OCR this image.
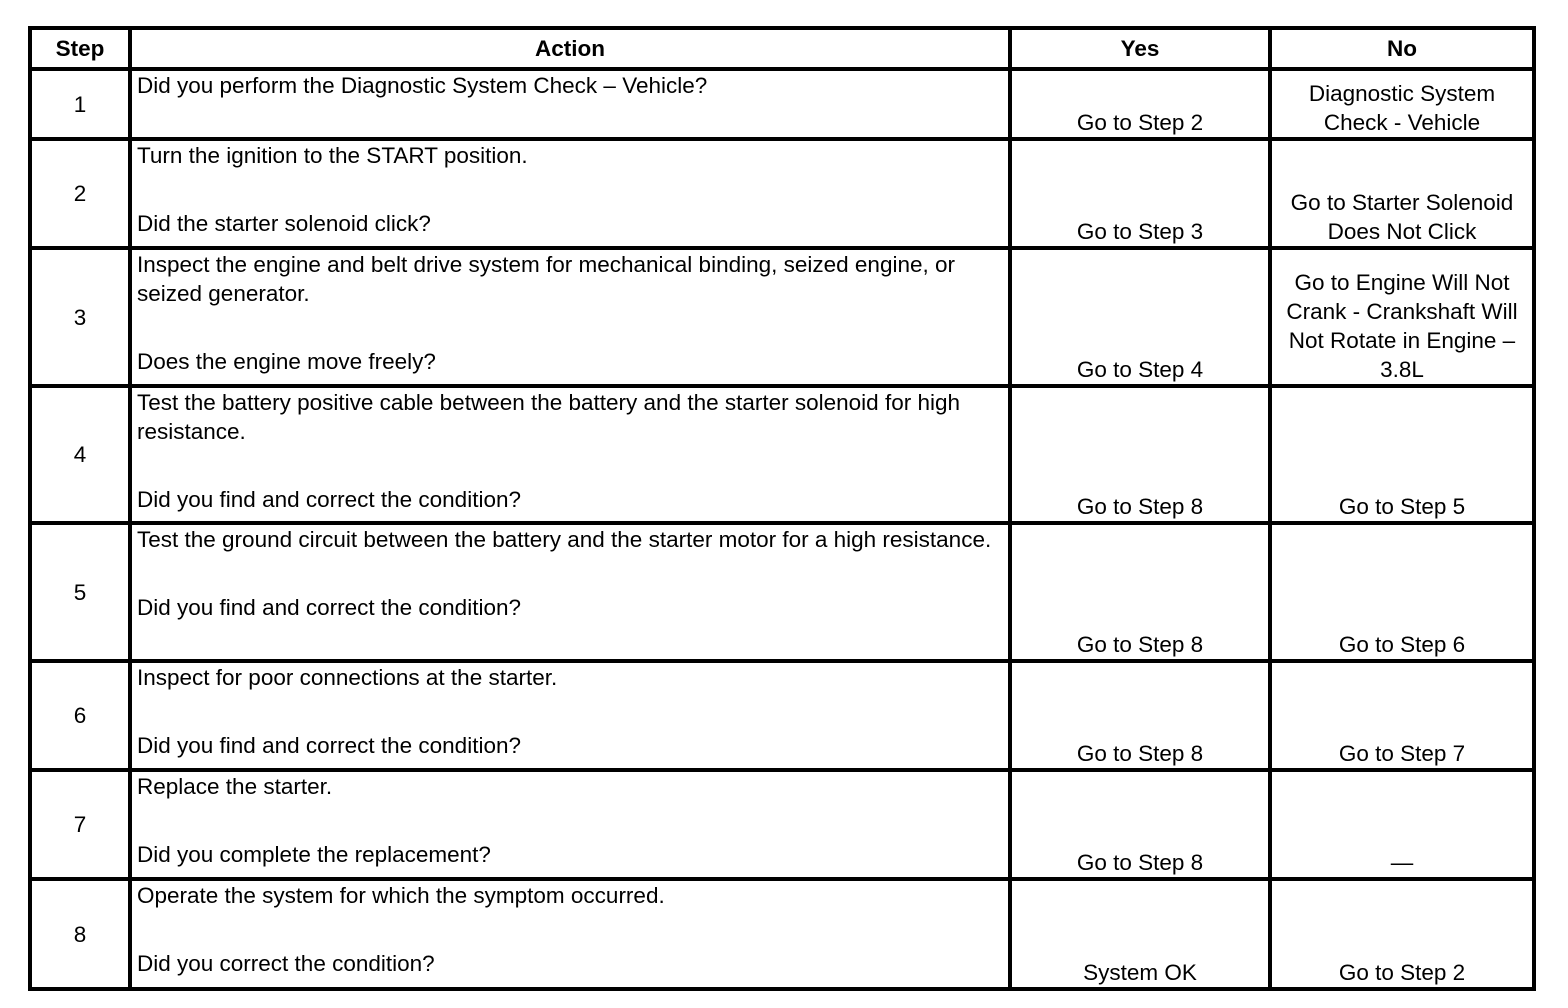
Step	Action	Yes	No
1	Did you perform the Diagnostic System Check – Vehicle?	Go to Step 2	Diagnostic System Check - Vehicle
2	Turn the ignition to the START position.

Did the starter solenoid click?	Go to Step 3	Go to Starter Solenoid Does Not Click
3	Inspect the engine and belt drive system for mechanical binding, seized engine, or seized generator.

Does the engine move freely?	Go to Step 4	Go to Engine Will Not Crank - Crankshaft Will Not Rotate in Engine – 3.8L
4	Test the battery positive cable between the battery and the starter solenoid for high resistance.

Did you find and correct the condition?	Go to Step 8	Go to Step 5
5	Test the ground circuit between the battery and the starter motor for a high resistance.

Did you find and correct the condition?	Go to Step 8	Go to Step 6
6	Inspect for poor connections at the starter.

Did you find and correct the condition?	Go to Step 8	Go to Step 7
7	Replace the starter.

Did you complete the replacement?	Go to Step 8	—
8	Operate the system for which the symptom occurred.

Did you correct the condition?	System OK	Go to Step 2
